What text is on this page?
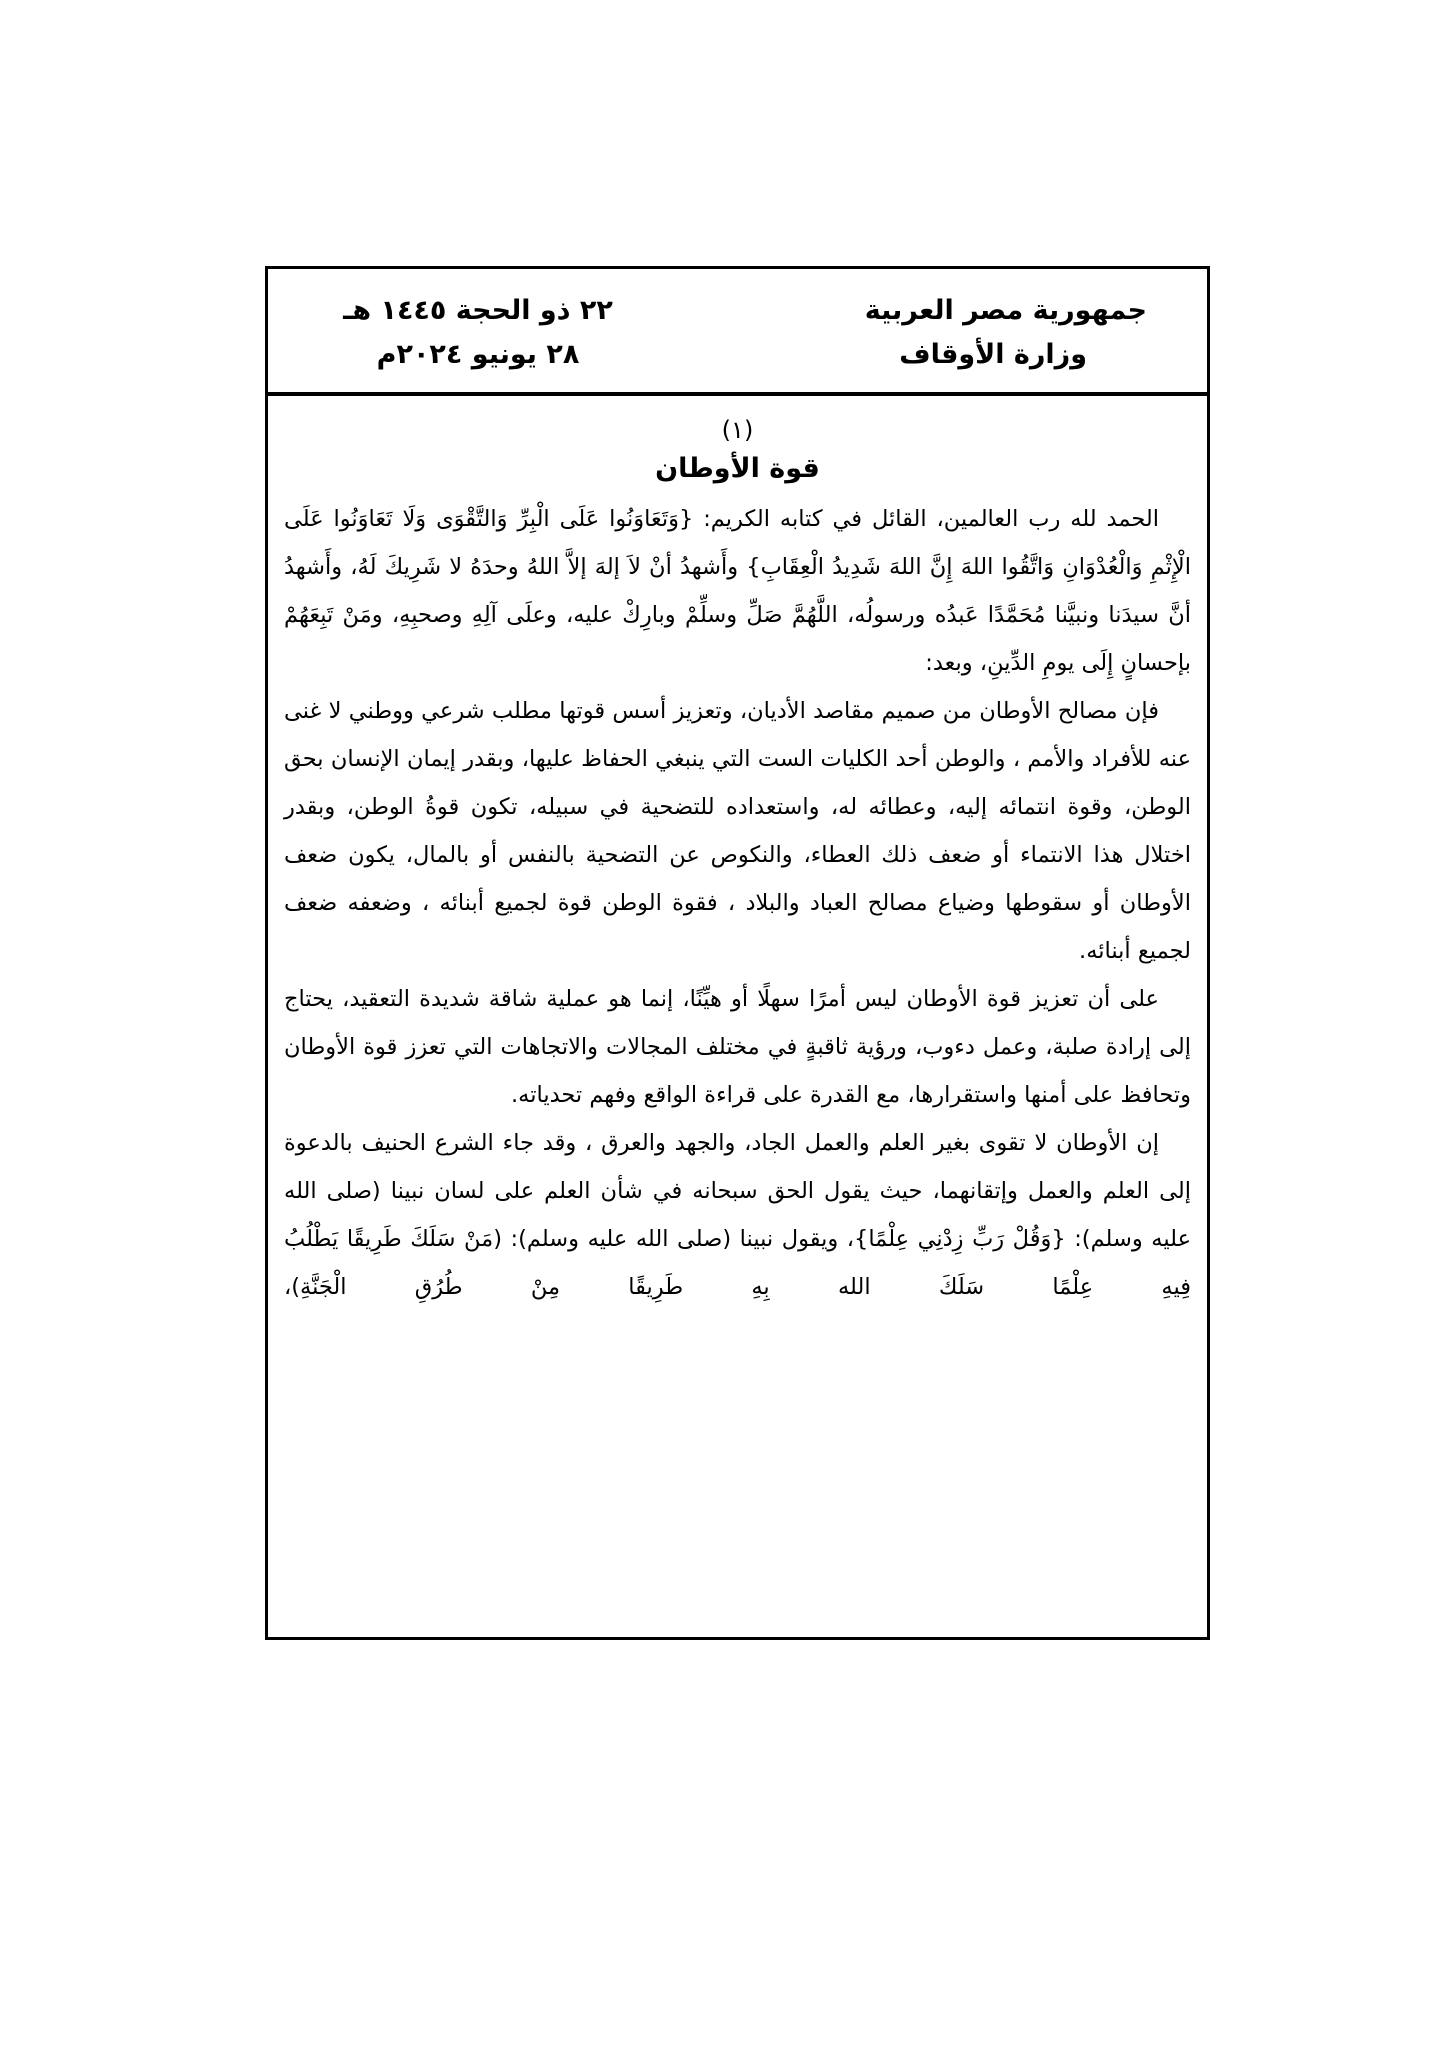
جمهورية مصر العربية
وزارة الأوقاف
٢٢ ذو الحجة ١٤٤٥ هـ
٢٨ يونيو ٢٠٢٤م
(١)
قوة الأوطان

الحمد لله رب العالمين، القائل في كتابه الكريم: {وَتَعَاوَنُوا عَلَى الْبِرِّ وَالتَّقْوَى وَلَا تَعَاوَنُوا عَلَى الْإِثْمِ وَالْعُدْوَانِ وَاتَّقُوا اللهَ إِنَّ اللهَ شَدِيدُ الْعِقَابِ} وأَشهدُ أنْ لاَ إلهَ إلاَّ اللهُ وحدَهُ لا شَرِيكَ لَهُ، وأَشهدُ أنَّ سيدَنا ونبيَّنا مُحَمَّدًا عَبدُه ورسولُه، اللَّهُمَّ صَلِّ وسلِّمْ وبارِكْ عليه، وعلَى آلِهِ وصحبِهِ، ومَنْ تَبِعَهُمْ بإحسانٍ إِلَى يومِ الدِّينِ، وبعد:

فإن مصالح الأوطان من صميم مقاصد الأديان، وتعزيز أسس قوتها مطلب شرعي ووطني لا غنى عنه للأفراد والأمم ، والوطن أحد الكليات الست التي ينبغي الحفاظ عليها، وبقدر إيمان الإنسان بحق الوطن، وقوة انتمائه إليه، وعطائه له، واستعداده للتضحية في سبيله، تكون قوةُ الوطن، وبقدر اختلال هذا الانتماء أو ضعف ذلك العطاء، والنكوص عن التضحية بالنفس أو بالمال، يكون ضعف الأوطان أو سقوطها وضياع مصالح العباد والبلاد ، فقوة الوطن قوة لجميع أبنائه ، وضعفه ضعف لجميع أبنائه.

على أن تعزيز قوة الأوطان ليس أمرًا سهلًا أو هيِّنًا، إنما هو عملية شاقة شديدة التعقيد، يحتاج إلى إرادة صلبة، وعمل دءوب، ورؤية ثاقبةٍ في مختلف المجالات والاتجاهات التي تعزز قوة الأوطان وتحافظ على أمنها واستقرارها، مع القدرة على قراءة الواقع وفهم تحدياته.

إن الأوطان لا تقوى بغير العلم والعمل الجاد، والجهد والعرق ، وقد جاء الشرع الحنيف بالدعوة إلى العلم والعمل وإتقانهما، حيث يقول الحق سبحانه في شأن العلم على لسان نبينا (صلى الله عليه وسلم): {وَقُلْ رَبِّ زِدْنِي عِلْمًا}، ويقول نبينا (صلى الله عليه وسلم): (مَنْ سَلَكَ طَرِيقًا يَطْلُبُ فِيهِ عِلْمًا سَلَكَ الله بِهِ طَرِيقًا مِنْ طُرُقِ الْجَنَّةِ)،
